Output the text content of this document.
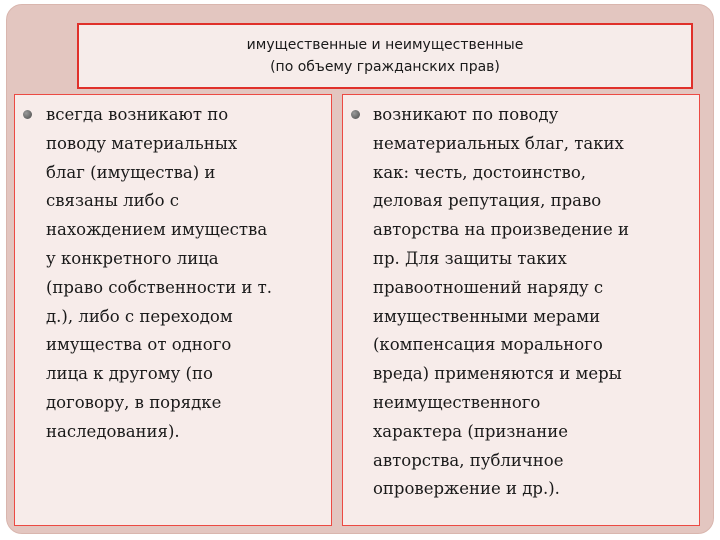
имущественные и неимущественные
(по объему гражданских прав)

всегда возникают по
поводу материальных
благ (имущества) и
связаны либо с
нахождением имущества
у конкретного лица
(право собственности и т.
д.), либо с переходом
имущества от одного
лица к другому (по
договору, в порядке
наследования).

возникают по поводу
нематериальных благ, таких
как: честь, достоинство,
деловая репутация, право
авторства на произведение и
пр. Для защиты таких
правоотношений наряду с
имущественными мерами
(компенсация морального
вреда) применяются и меры
неимущественного
характера (признание
авторства, публичное
опровержение и др.).
